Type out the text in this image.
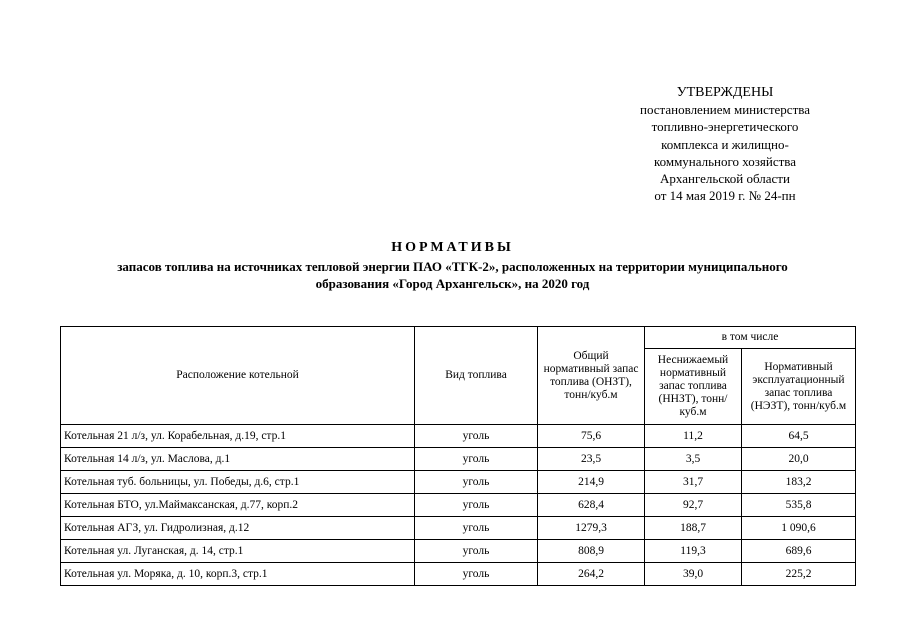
УТВЕРЖДЕНЫ
постановлением министерства
топливно-энергетического
комплекса и жилищно-
коммунального хозяйства
Архангельской области
от 14 мая 2019 г. № 24-пн
НОРМАТИВЫ
запасов топлива на источниках тепловой энергии ПАО «ТГК-2», расположенных на территории муниципального
образования «Город Архангельск», на 2020 год
Расположение котельной	Вид топлива	Общий нормативный запас топлива (ОНЗТ), тонн/куб.м	в том числе	
			Неснижаемый нормативный запас топлива (ННЗТ), тонн/куб.м	Нормативный эксплуатационный запас топлива (НЭЗТ), тонн/куб.м
Котельная 21 л/з, ул. Корабельная, д.19, стр.1	уголь	75,6	11,2	64,5
Котельная 14 л/з, ул. Маслова, д.1	уголь	23,5	3,5	20,0
Котельная туб. больницы, ул. Победы, д.6, стр.1	уголь	214,9	31,7	183,2
Котельная БТО, ул.Маймаксанская, д.77, корп.2	уголь	628,4	92,7	535,8
Котельная АГЗ, ул. Гидролизная, д.12	уголь	1279,3	188,7	1 090,6
Котельная ул. Луганская, д. 14, стр.1	уголь	808,9	119,3	689,6
Котельная ул. Моряка, д. 10, корп.3, стр.1	уголь	264,2	39,0	225,2
